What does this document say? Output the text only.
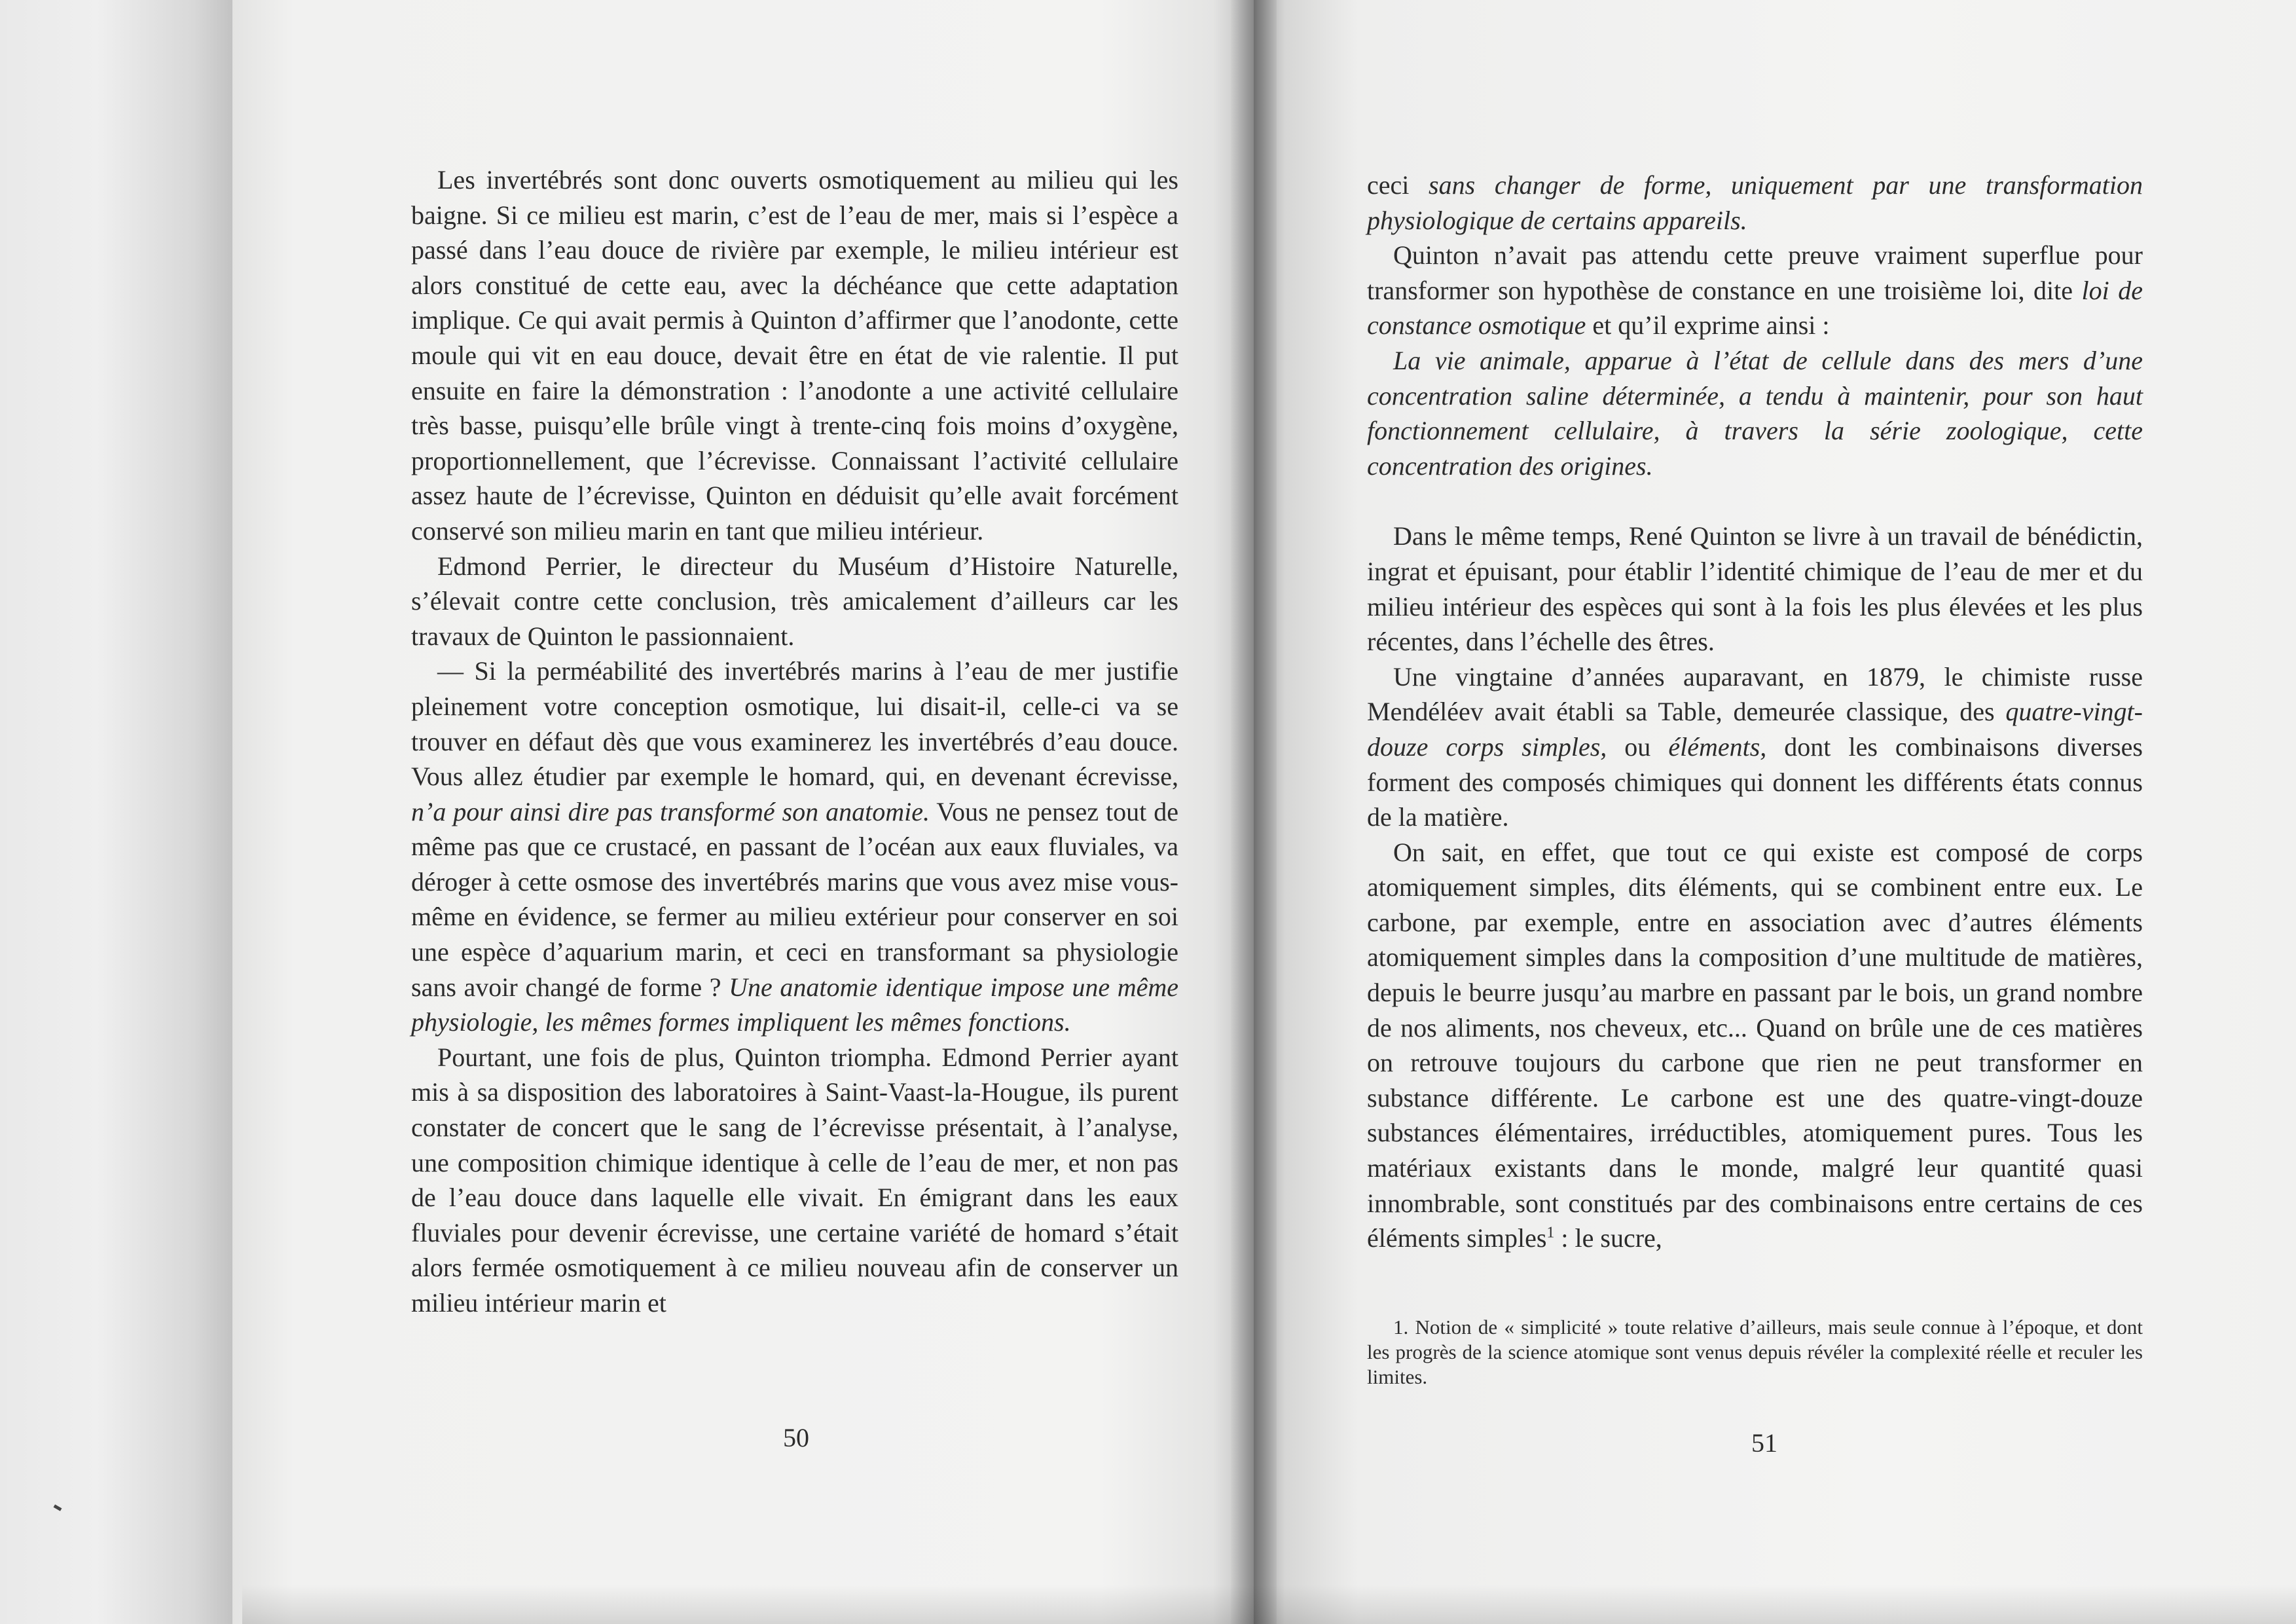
Les invertébrés sont donc ouverts osmotiquement au milieu qui les baigne. Si ce milieu est marin, c’est de l’eau de mer, mais si l’espèce a passé dans l’eau douce de rivière par exemple, le milieu intérieur est alors constitué de cette eau, avec la déchéance que cette adaptation implique. Ce qui avait permis à Quinton d’affirmer que l’anodonte, cette moule qui vit en eau douce, devait être en état de vie ralentie. Il put ensuite en faire la démonstration : l’anodonte a une activité cellulaire très basse, puisqu’elle brûle vingt à trente-cinq fois moins d’oxygène, proportionnellement, que l’écrevisse. Connaissant l’activité cellulaire assez haute de l’écrevisse, Quinton en déduisit qu’elle avait forcément conservé son milieu marin en tant que milieu intérieur.

Edmond Perrier, le directeur du Muséum d’Histoire Naturelle, s’élevait contre cette conclusion, très amicalement d’ailleurs car les travaux de Quinton le passionnaient.

— Si la perméabilité des invertébrés marins à l’eau de mer justifie pleinement votre conception osmotique, lui disait-il, celle-ci va se trouver en défaut dès que vous examinerez les invertébrés d’eau douce. Vous allez étudier par exemple le homard, qui, en devenant écrevisse, n’a pour ainsi dire pas transformé son anatomie. Vous ne pensez tout de même pas que ce crustacé, en passant de l’océan aux eaux fluviales, va déroger à cette osmose des invertébrés marins que vous avez mise vous-même en évidence, se fermer au milieu extérieur pour conserver en soi une espèce d’aquarium marin, et ceci en transformant sa physiologie sans avoir changé de forme ? Une anatomie identique impose une même physiologie, les mêmes formes impliquent les mêmes fonctions.

Pourtant, une fois de plus, Quinton triompha. Edmond Perrier ayant mis à sa disposition des laboratoires à Saint-Vaast-la-Hougue, ils purent constater de concert que le sang de l’écrevisse présentait, à l’analyse, une composition chimique identique à celle de l’eau de mer, et non pas de l’eau douce dans laquelle elle vivait. En émigrant dans les eaux fluviales pour devenir écrevisse, une certaine variété de homard s’était alors fermée osmotiquement à ce milieu nouveau afin de conserver un milieu intérieur marin et

50

ceci sans changer de forme, uniquement par une transformation physiologique de certains appareils.

Quinton n’avait pas attendu cette preuve vraiment superflue pour transformer son hypothèse de constance en une troisième loi, dite loi de constance osmotique et qu’il exprime ainsi :

La vie animale, apparue à l’état de cellule dans des mers d’une concentration saline déterminée, a tendu à maintenir, pour son haut fonctionnement cellulaire, à travers la série zoologique, cette concentration des origines.

Dans le même temps, René Quinton se livre à un travail de bénédictin, ingrat et épuisant, pour établir l’identité chimique de l’eau de mer et du milieu intérieur des espèces qui sont à la fois les plus élevées et les plus récentes, dans l’échelle des êtres.

Une vingtaine d’années auparavant, en 1879, le chimiste russe Mendéléev avait établi sa Table, demeurée classique, des quatre-vingt-douze corps simples, ou éléments, dont les combinaisons diverses forment des composés chimiques qui donnent les différents états connus de la matière.

On sait, en effet, que tout ce qui existe est composé de corps atomiquement simples, dits éléments, qui se combinent entre eux. Le carbone, par exemple, entre en association avec d’autres éléments atomiquement simples dans la composition d’une multitude de matières, depuis le beurre jusqu’au marbre en passant par le bois, un grand nombre de nos aliments, nos cheveux, etc... Quand on brûle une de ces matières on retrouve toujours du carbone que rien ne peut transformer en substance différente. Le carbone est une des quatre-vingt-douze substances élémentaires, irréductibles, atomiquement pures. Tous les matériaux existants dans le monde, malgré leur quantité quasi innombrable, sont constitués par des combinaisons entre certains de ces éléments simples$^1$ : le sucre,

1. Notion de « simplicité » toute relative d’ailleurs, mais seule connue à l’époque, et dont les progrès de la science atomique sont venus depuis révéler la complexité réelle et reculer les limites.

51
